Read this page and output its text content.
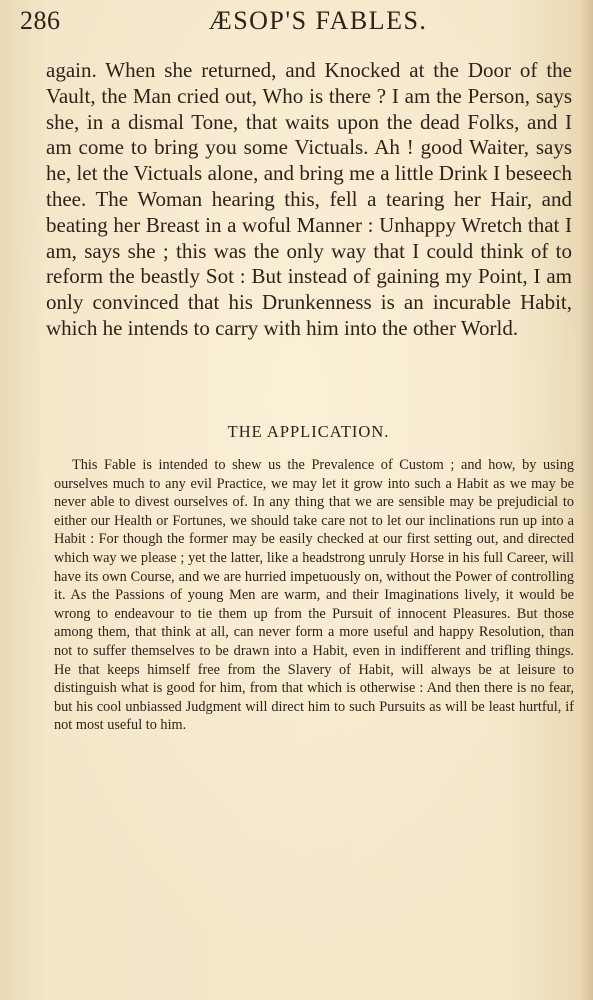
286	ÆSOP'S FABLES.

again. When she returned, and Knocked at the Door of the Vault, the Man cried out, Who is there ? I am the Person, says she, in a dismal Tone, that waits upon the dead Folks, and I am come to bring you some Victuals. Ah ! good Waiter, says he, let the Victuals alone, and bring me a little Drink I beseech thee. The Woman hearing this, fell a tearing her Hair, and beating her Breast in a woful Manner : Unhappy Wretch that I am, says she ; this was the only way that I could think of to reform the beastly Sot : But instead of gaining my Point, I am only convinced that his Drunkenness is an incurable Habit, which he intends to carry with him into the other World.

THE APPLICATION.

This Fable is intended to shew us the Prevalence of Custom ; and how, by using ourselves much to any evil Practice, we may let it grow into such a Habit as we may be never able to divest ourselves of. In any thing that we are sensible may be prejudicial to either our Health or Fortunes, we should take care not to let our inclinations run up into a Habit : For though the former may be easily checked at our first setting out, and directed which way we please ; yet the latter, like a headstrong unruly Horse in his full Career, will have its own Course, and we are hurried impetuously on, without the Power of controlling it. As the Passions of young Men are warm, and their Imaginations lively, it would be wrong to endeavour to tie them up from the Pursuit of innocent Pleasures. But those among them, that think at all, can never form a more useful and happy Resolution, than not to suffer themselves to be drawn into a Habit, even in indifferent and trifling things. He that keeps himself free from the Slavery of Habit, will always be at leisure to distinguish what is good for him, from that which is otherwise : And then there is no fear, but his cool unbiassed Judgment will direct him to such Pursuits as will be least hurtful, if not most useful to him.
